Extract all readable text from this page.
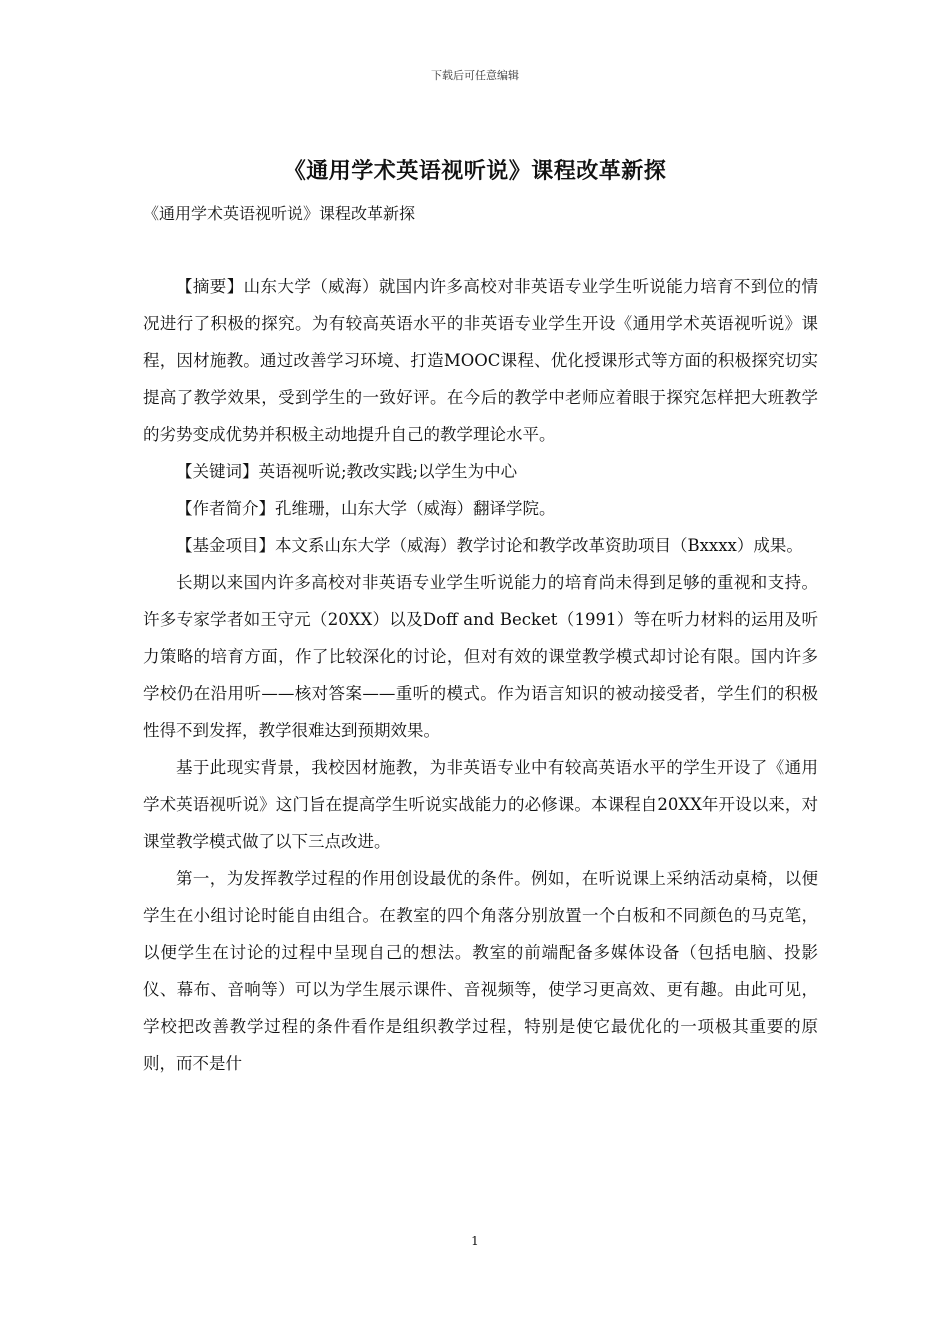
下载后可任意编辑
《通用学术英语视听说》课程改革新探
《通用学术英语视听说》课程改革新探

【摘要】山东大学（威海）就国内许多高校对非英语专业学生听说能力培育不到位的情况进行了积极的探究。为有较高英语水平的非英语专业学生开设《通用学术英语视听说》课程，因材施教。通过改善学习环境、打造MOOC课程、优化授课形式等方面的积极探究切实提高了教学效果，受到学生的一致好评。在今后的教学中老师应着眼于探究怎样把大班教学的劣势变成优势并积极主动地提升自己的教学理论水平。

【关键词】英语视听说;教改实践;以学生为中心

【作者简介】孔维珊，山东大学（威海）翻译学院。

【基金项目】本文系山东大学（威海）教学讨论和教学改革资助项目（Bxxxx）成果。

长期以来国内许多高校对非英语专业学生听说能力的培育尚未得到足够的重视和支持。许多专家学者如王守元（20XX）以及Doff and Becket（1991）等在听力材料的运用及听力策略的培育方面，作了比较深化的讨论，但对有效的课堂教学模式却讨论有限。国内许多学校仍在沿用听——核对答案——重听的模式。作为语言知识的被动接受者，学生们的积极性得不到发挥，教学很难达到预期效果。

基于此现实背景，我校因材施教，为非英语专业中有较高英语水平的学生开设了《通用学术英语视听说》这门旨在提高学生听说实战能力的必修课。本课程自20XX年开设以来，对课堂教学模式做了以下三点改进。

第一，为发挥教学过程的作用创设最优的条件。例如，在听说课上采纳活动桌椅，以便学生在小组讨论时能自由组合。在教室的四个角落分别放置一个白板和不同颜色的马克笔，以便学生在讨论的过程中呈现自己的想法。教室的前端配备多媒体设备（包括电脑、投影仪、幕布、音响等）可以为学生展示课件、音视频等，使学习更高效、更有趣。由此可见，学校把改善教学过程的条件看作是组织教学过程，特别是使它最优化的一项极其重要的原则，而不是什

1
